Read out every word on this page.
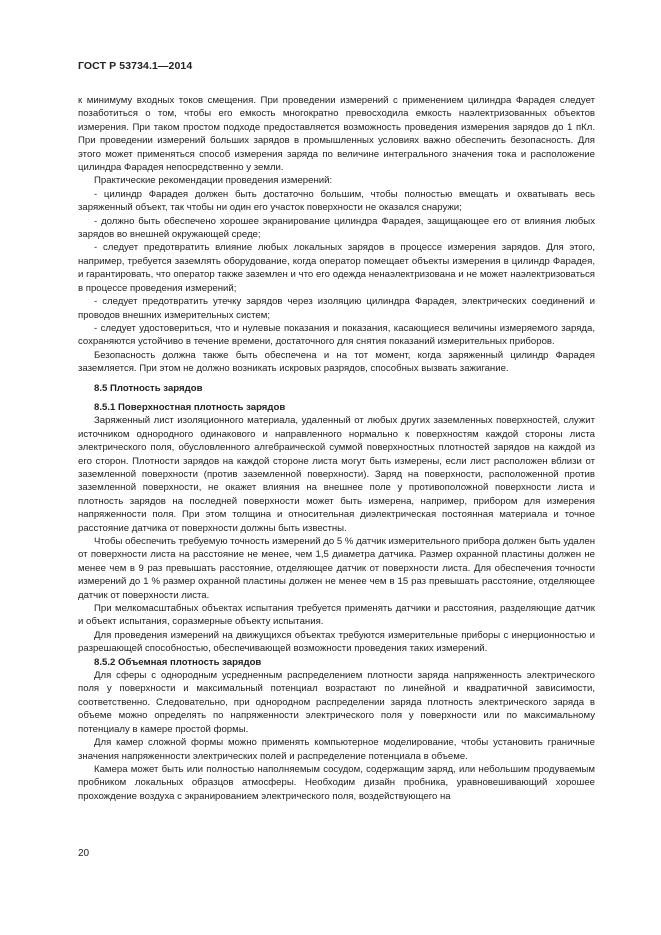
ГОСТ Р 53734.1—2014

к минимуму входных токов смещения. При проведении измерений с применением цилиндра Фарадея следует позаботиться о том, чтобы его емкость многократно превосходила емкость наэлектризованных объектов измерения. При таком простом подходе предоставляется возможность проведения измерения зарядов до 1 пКл. При проведении измерений больших зарядов в промышленных условиях важно обеспечить безопасность. Для этого может применяться способ измерения заряда по величине интегрального значения тока и расположение цилиндра Фарадея непосредственно у земли.

Практические рекомендации проведения измерений:

- цилиндр Фарадея должен быть достаточно большим, чтобы полностью вмещать и охватывать весь заряженный объект, так чтобы ни один его участок поверхности не оказался снаружи;

- должно быть обеспечено хорошее экранирование цилиндра Фарадея, защищающее его от влияния любых зарядов во внешней окружающей среде;

- следует предотвратить влияние любых локальных зарядов в процессе измерения зарядов. Для этого, например, требуется заземлять оборудование, когда оператор помещает объекты измерения в цилиндр Фарадея, и гарантировать, что оператор также заземлен и что его одежда ненаэлектризована и не может наэлектризоваться в процессе проведения измерений;

- следует предотвратить утечку зарядов через изоляцию цилиндра Фарадея, электрических соединений и проводов внешних измерительных систем;

- следует удостовериться, что и нулевые показания и показания, касающиеся величины измеряемого заряда, сохраняются устойчиво в течение времени, достаточного для снятия показаний измерительных приборов.

Безопасность должна также быть обеспечена и на тот момент, когда заряженный цилиндр Фарадея заземляется. При этом не должно возникать искровых разрядов, способных вызвать зажигание.

8.5 Плотность зарядов

8.5.1 Поверхностная плотность зарядов

Заряженный лист изоляционного материала, удаленный от любых других заземленных поверхностей, служит источником однородного одинакового и направленного нормально к поверхностям каждой стороны листа электрического поля, обусловленного алгебраической суммой поверхностных плотностей зарядов на каждой из его сторон. Плотности зарядов на каждой стороне листа могут быть измерены, если лист расположен вблизи от заземленной поверхности (против заземленной поверхности). Заряд на поверхности, расположенной против заземленной поверхности, не окажет влияния на внешнее поле у противоположной поверхности листа и плотность зарядов на последней поверхности может быть измерена, например, прибором для измерения напряженности поля. При этом толщина и относительная диэлектрическая постоянная материала и точное расстояние датчика от поверхности должны быть известны.

Чтобы обеспечить требуемую точность измерений до 5 % датчик измерительного прибора должен быть удален от поверхности листа на расстояние не менее, чем 1,5 диаметра датчика. Размер охранной пластины должен не менее чем в 9 раз превышать расстояние, отделяющее датчик от поверхности листа. Для обеспечения точности измерений до 1 % размер охранной пластины должен не менее чем в 15 раз превышать расстояние, отделяющее датчик от поверхности листа.

При мелкомасштабных объектах испытания требуется применять датчики и расстояния, разделяющие датчик и объект испытания, соразмерные объекту испытания.

Для проведения измерений на движущихся объектах требуются измерительные приборы с инерционностью и разрешающей способностью, обеспечивающей возможности проведения таких измерений.

8.5.2 Объемная плотность зарядов

Для сферы с однородным усредненным распределением плотности заряда напряженность электрического поля у поверхности и максимальный потенциал возрастают по линейной и квадратичной зависимости, соответственно. Следовательно, при однородном распределении заряда плотность электрического заряда в объеме можно определять по напряженности электрического поля у поверхности или по максимальному потенциалу в камере простой формы.

Для камер сложной формы можно применять компьютерное моделирование, чтобы установить граничные значения напряженности электрических полей и распределение потенциала в объеме.

Камера может быть или полностью наполняемым сосудом, содержащим заряд, или небольшим продуваемым пробником локальных образцов атмосферы. Необходим дизайн пробника, уравновешивающий хорошее прохождение воздуха с экранированием электрического поля, воздействующего на

20
